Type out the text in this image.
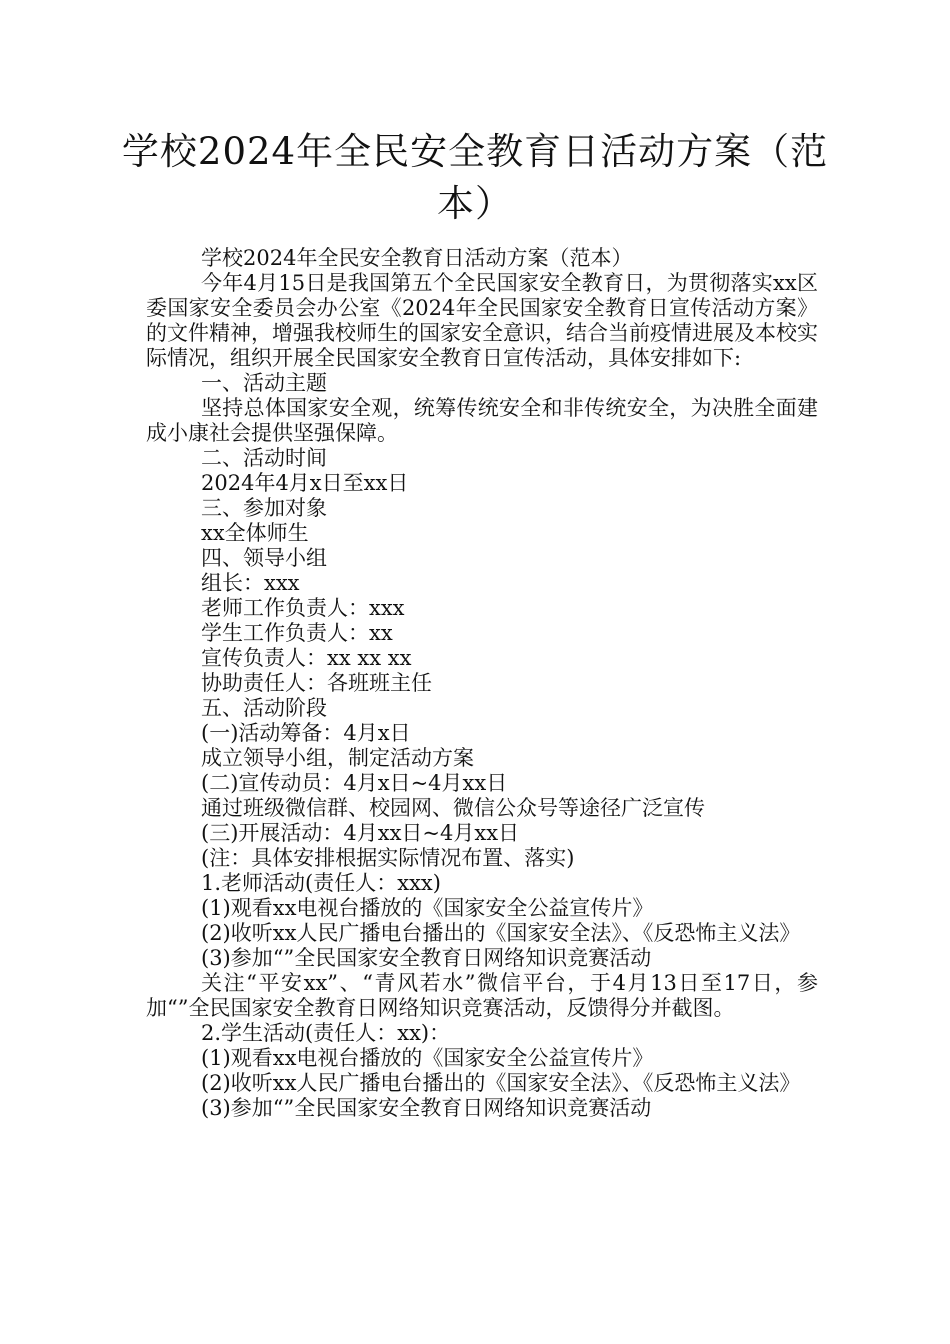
学校2024年全民安全教育日活动方案（范本）

学校2024年全民安全教育日活动方案（范本）

今年4月15日是我国第五个全民国家安全教育日，为贯彻落实xx区委国家安全委员会办公室《2024年全民国家安全教育日宣传活动方案》的文件精神，增强我校师生的国家安全意识，结合当前疫情进展及本校实际情况，组织开展全民国家安全教育日宣传活动，具体安排如下:

一、活动主题

坚持总体国家安全观，统筹传统安全和非传统安全，为决胜全面建成小康社会提供坚强保障。

二、活动时间

2024年4月x日至xx日

三、参加对象

xx全体师生

四、领导小组

组长：xxx

老师工作负责人：xxx

学生工作负责人：xx

宣传负责人：xx xx xx

协助责任人：各班班主任

五、活动阶段

(一)活动筹备：4月x日

成立领导小组，制定活动方案

(二)宣传动员：4月x日~4月xx日

通过班级微信群、校园网、微信公众号等途径广泛宣传

(三)开展活动：4月xx日~4月xx日

(注：具体安排根据实际情况布置、落实)

1.老师活动(责任人：xxx)

(1)观看xx电视台播放的《国家安全公益宣传片》

(2)收听xx人民广播电台播出的《国家安全法》、《反恐怖主义法》

(3)参加“”全民国家安全教育日网络知识竞赛活动

关注“平安xx”、“青风若水”微信平台，于4月13日至17日，参加“”全民国家安全教育日网络知识竞赛活动，反馈得分并截图。

2.学生活动(责任人：xx)：

(1)观看xx电视台播放的《国家安全公益宣传片》

(2)收听xx人民广播电台播出的《国家安全法》、《反恐怖主义法》

(3)参加“”全民国家安全教育日网络知识竞赛活动
